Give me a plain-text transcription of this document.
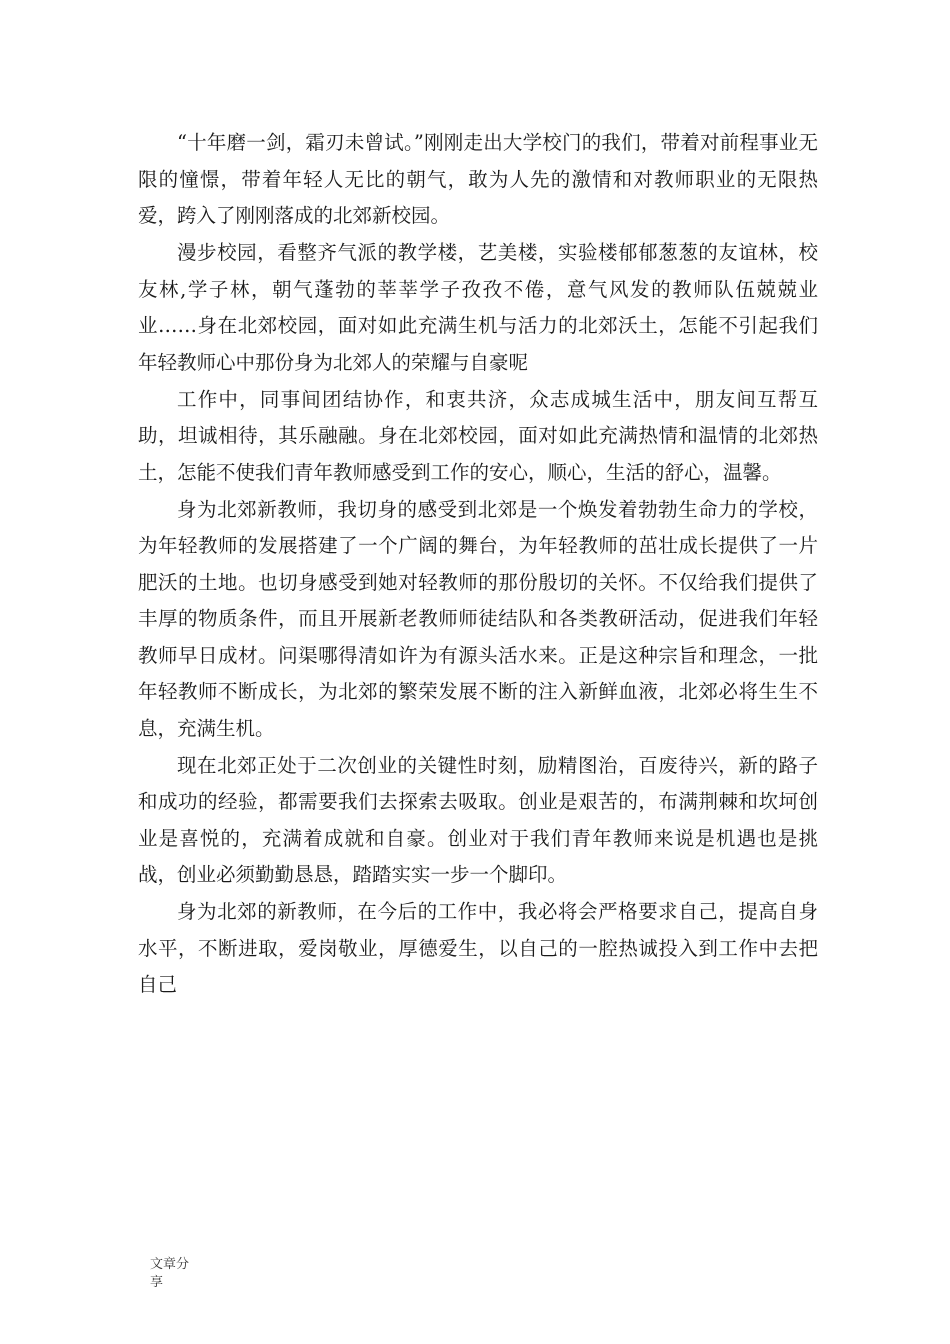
“十年磨一剑，霜刃未曾试。”刚刚走出大学校门的我们，带着对前程事业无限的憧憬，带着年轻人无比的朝气，敢为人先的激情和对教师职业的无限热爱，跨入了刚刚落成的北郊新校园。

漫步校园，看整齐气派的教学楼，艺美楼，实验楼郁郁葱葱的友谊林，校友林,学子林，朝气蓬勃的莘莘学子孜孜不倦，意气风发的教师队伍兢兢业业……身在北郊校园，面对如此充满生机与活力的北郊沃土，怎能不引起我们年轻教师心中那份身为北郊人的荣耀与自豪呢

工作中，同事间团结协作，和衷共济，众志成城生活中，朋友间互帮互助，坦诚相待，其乐融融。身在北郊校园，面对如此充满热情和温情的北郊热土，怎能不使我们青年教师感受到工作的安心，顺心，生活的舒心，温馨。

身为北郊新教师，我切身的感受到北郊是一个焕发着勃勃生命力的学校，为年轻教师的发展搭建了一个广阔的舞台，为年轻教师的茁壮成长提供了一片肥沃的土地。也切身感受到她对轻教师的那份殷切的关怀。不仅给我们提供了丰厚的物质条件，而且开展新老教师师徒结队和各类教研活动，促进我们年轻教师早日成材。问渠哪得清如许为有源头活水来。正是这种宗旨和理念，一批年轻教师不断成长，为北郊的繁荣发展不断的注入新鲜血液，北郊必将生生不息，充满生机。

现在北郊正处于二次创业的关键性时刻，励精图治，百废待兴，新的路子和成功的经验，都需要我们去探索去吸取。创业是艰苦的，布满荆棘和坎坷创业是喜悦的，充满着成就和自豪。创业对于我们青年教师来说是机遇也是挑战，创业必须勤勤恳恳，踏踏实实一步一个脚印。

身为北郊的新教师，在今后的工作中，我必将会严格要求自己，提高自身水平，不断进取，爱岗敬业，厚德爱生，以自己的一腔热诚投入到工作中去把自己

文章分
享
